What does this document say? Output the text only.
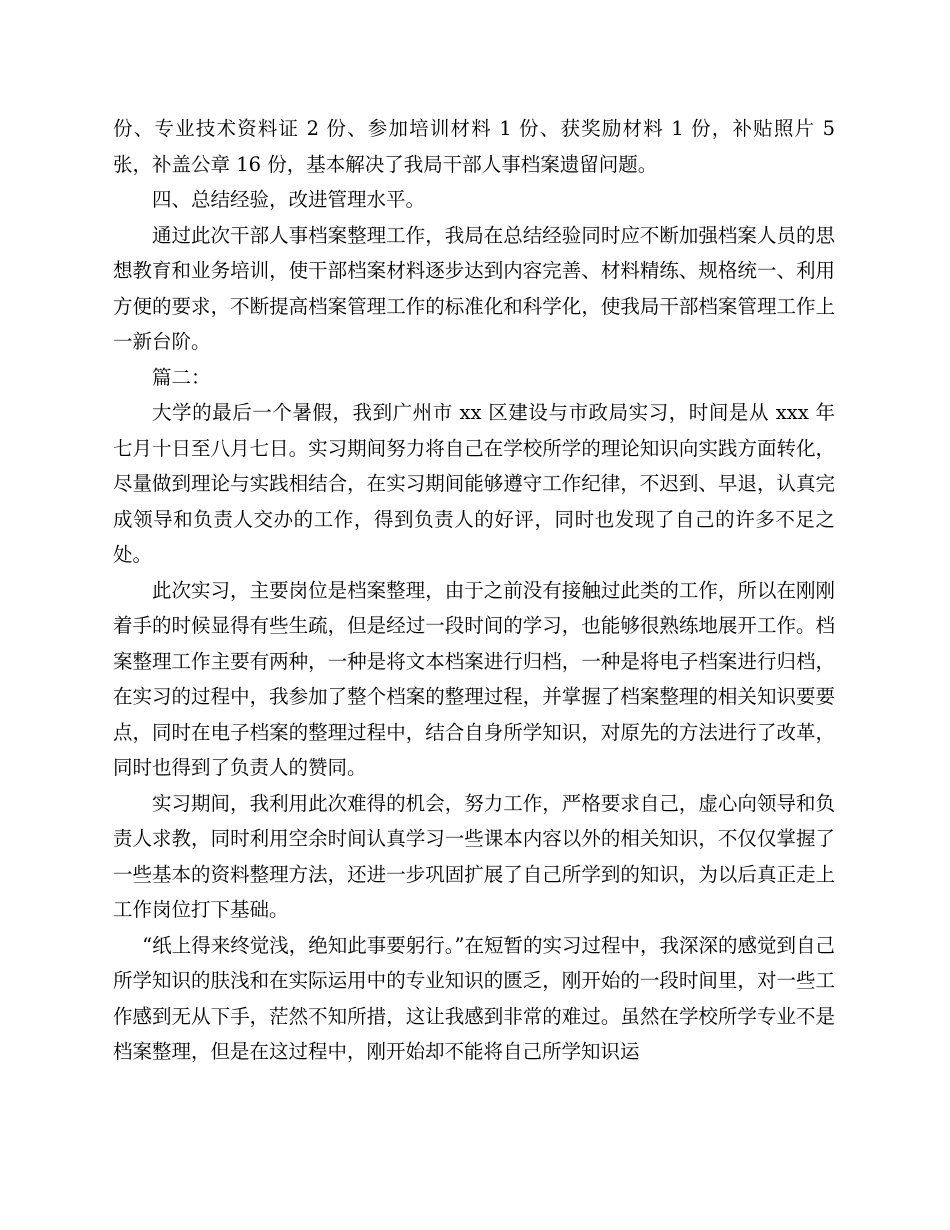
份、专业技术资料证 2 份、参加培训材料 1 份、获奖励材料 1 份，补贴照片 5 张，补盖公章 16 份，基本解决了我局干部人事档案遗留问题。

四、总结经验，改进管理水平。

通过此次干部人事档案整理工作，我局在总结经验同时应不断加强档案人员的思想教育和业务培训，使干部档案材料逐步达到内容完善、材料精练、规格统一、利用方便的要求，不断提高档案管理工作的标准化和科学化，使我局干部档案管理工作上一新台阶。

篇二：

大学的最后一个暑假，我到广州市 xx 区建设与市政局实习，时间是从 xxx 年七月十日至八月七日。实习期间努力将自己在学校所学的理论知识向实践方面转化，尽量做到理论与实践相结合，在实习期间能够遵守工作纪律，不迟到、早退，认真完成领导和负责人交办的工作，得到负责人的好评，同时也发现了自己的许多不足之处。

此次实习，主要岗位是档案整理，由于之前没有接触过此类的工作，所以在刚刚着手的时候显得有些生疏，但是经过一段时间的学习，也能够很熟练地展开工作。档案整理工作主要有两种，一种是将文本档案进行归档，一种是将电子档案进行归档，在实习的过程中，我参加了整个档案的整理过程，并掌握了档案整理的相关知识要要点，同时在电子档案的整理过程中，结合自身所学知识，对原先的方法进行了改革，同时也得到了负责人的赞同。

实习期间，我利用此次难得的机会，努力工作，严格要求自己，虚心向领导和负责人求教，同时利用空余时间认真学习一些课本内容以外的相关知识，不仅仅掌握了一些基本的资料整理方法，还进一步巩固扩展了自己所学到的知识，为以后真正走上工作岗位打下基础。

“纸上得来终觉浅，绝知此事要躬行。”在短暂的实习过程中，我深深的感觉到自己所学知识的肤浅和在实际运用中的专业知识的匮乏，刚开始的一段时间里，对一些工作感到无从下手，茫然不知所措，这让我感到非常的难过。虽然在学校所学专业不是档案整理，但是在这过程中，刚开始却不能将自己所学知识运
